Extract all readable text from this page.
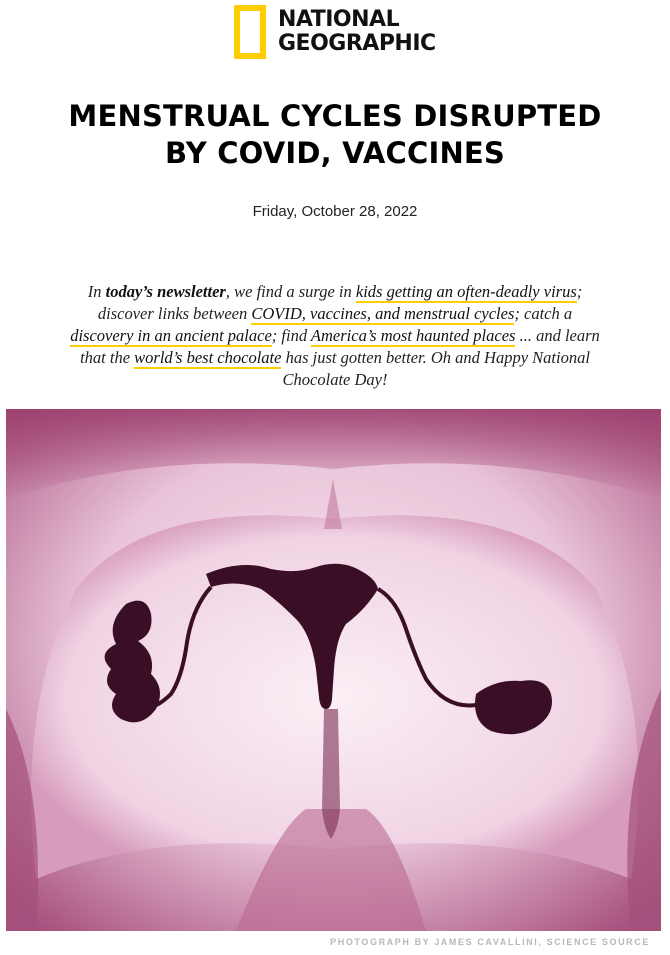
NATIONAL
GEOGRAPHIC
MENSTRUAL CYCLES DISRUPTED
BY COVID, VACCINES
Friday, October 28, 2022

In today’s newsletter, we find a surge in kids getting an often-deadly virus; discover links between COVID, vaccines, and menstrual cycles; catch a discovery in an ancient palace; find America’s most haunted places ... and learn that the world’s best chocolate has just gotten better. Oh and Happy National Chocolate Day!

PHOTOGRAPH BY JAMES CAVALLINI, SCIENCE SOURCE
